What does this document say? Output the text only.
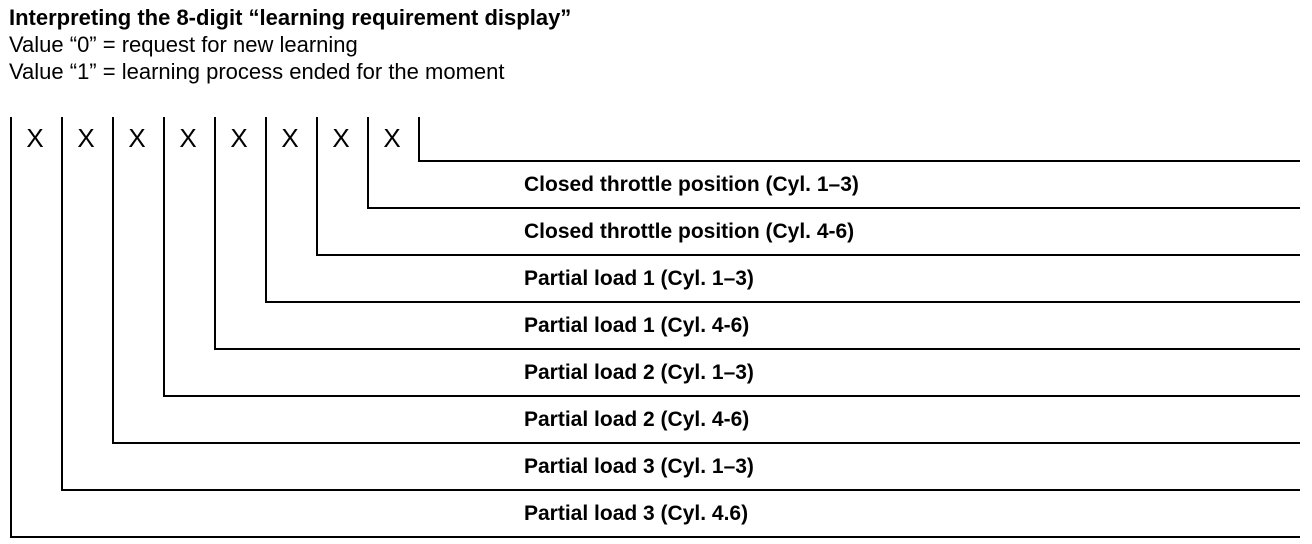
Interpreting the 8-digit “learning requirement display”
Value “0” = request for new learning
Value “1” = learning process ended for the moment
X	X	X	X	X	X	X	X
Closed throttle position (Cyl. 1–3)
Closed throttle position (Cyl. 4-6)
Partial load 1 (Cyl. 1–3)
Partial load 1 (Cyl. 4-6)
Partial load 2 (Cyl. 1–3)
Partial load 2 (Cyl. 4-6)
Partial load 3 (Cyl. 1–3)
Partial load 3 (Cyl. 4.6)
